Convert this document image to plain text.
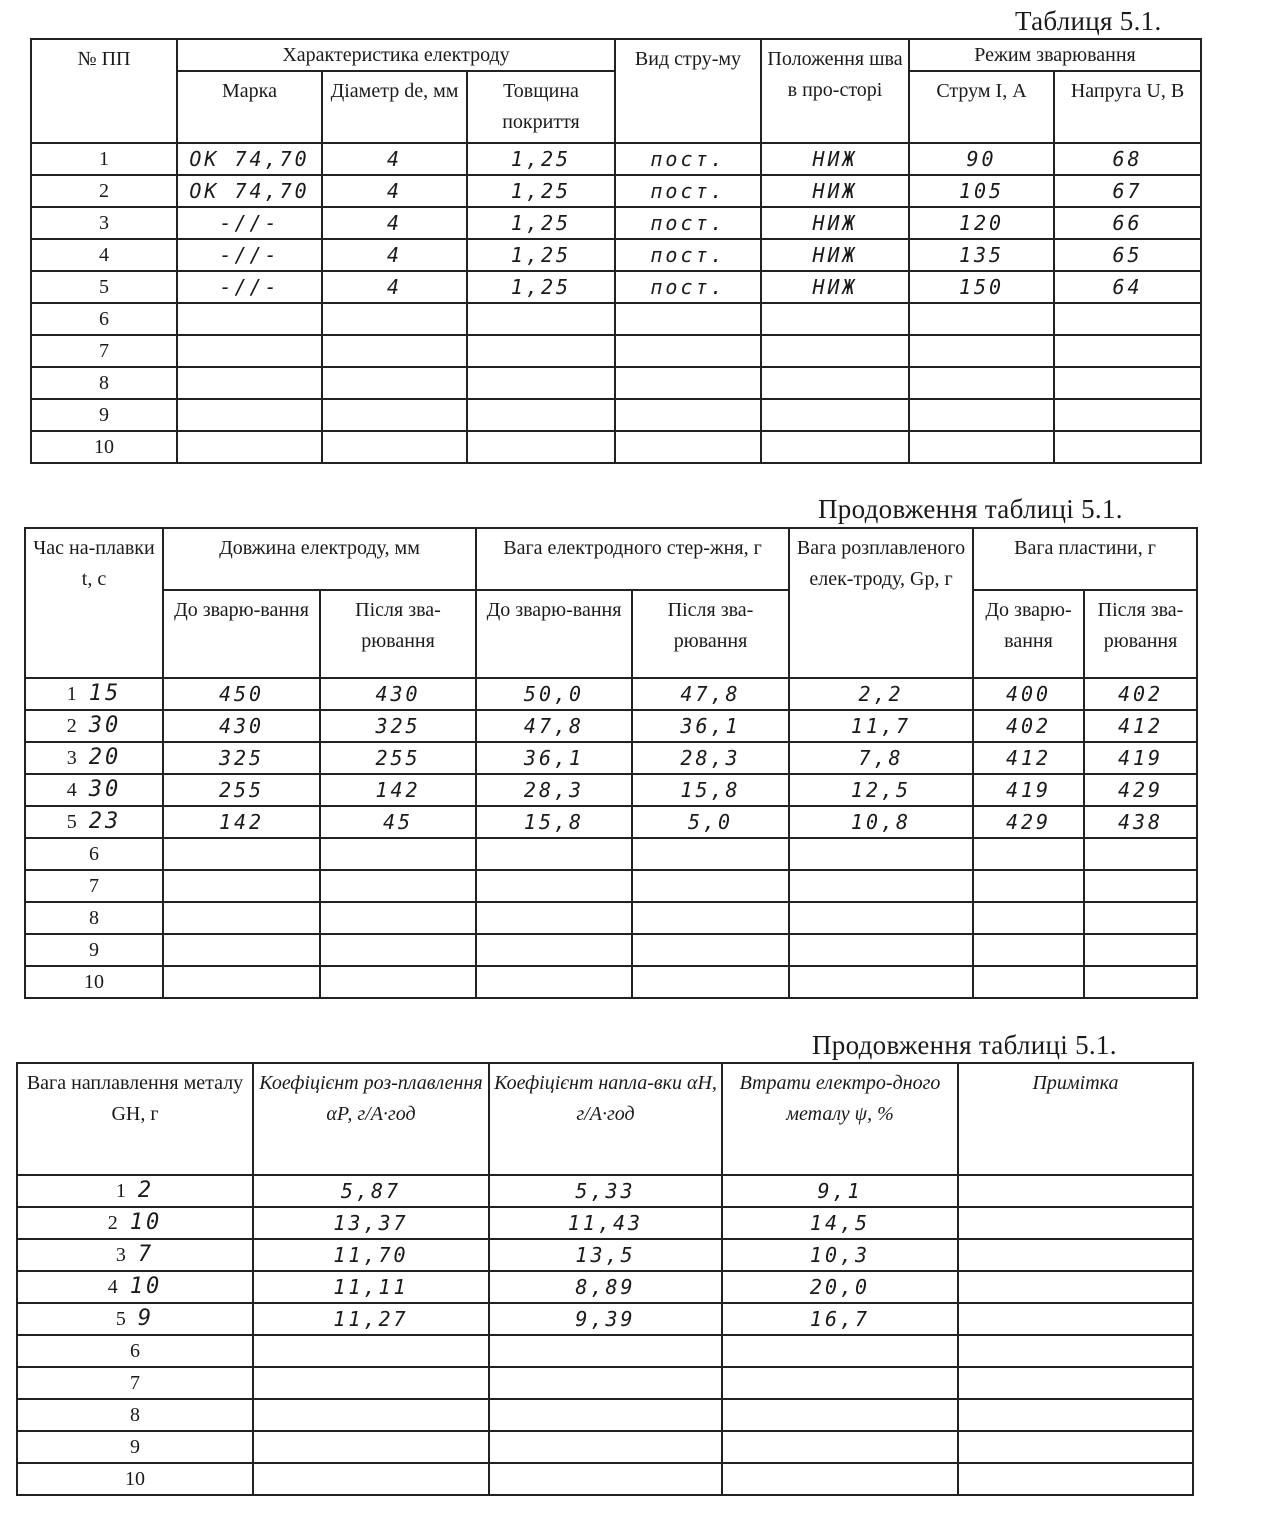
Таблиця 5.1.
№ ПП	Характеристика електроду			Вид стру-му	Положення шва в про-сторі	Режим зварювання	
	Марка	Діаметр dе, мм	Товщина покриття			Струм I, А	Напруга U, В
1	OK 74,70	4	1,25	пост.	НИЖ	90	68
2	ОК 74,70	4	1,25	пост.	НИЖ	105	67
3	-//-	4	1,25	пост.	НИЖ	120	66
4	-//-	4	1,25	пост.	НИЖ	135	65
5	-//-	4	1,25	пост.	НИЖ	150	64
6							
7							
8							
9							
10							
Продовження таблиці 5.1.
Час на-плавки t, с	Довжина електроду, мм		Вага електродного стер-жня, г		Вага розплавленого елек-троду, Gр, г	Вага пластини, г	
	До зварю-вання	Після зва-рювання	До зварю-вання	Після зва-рювання		До зварю-вання	Після зва-рювання
1 15	450	430	50,0	47,8	2,2	400	402
2 30	430	325	47,8	36,1	11,7	402	412
3 20	325	255	36,1	28,3	7,8	412	419
4 30	255	142	28,3	15,8	12,5	419	429
5 23	142	45	15,8	5,0	10,8	429	438
6							
7							
8							
9							
10							
Продовження таблиці 5.1.
Вага наплавлення металу GН, г	Коефіцієнт роз-плавлення αР, г/А·год	Коефіцієнт напла-вки αН, г/А·год	Втрати електро-дного металу ψ, %	Примітка
1 2	5,87	5,33	9,1	
2 10	13,37	11,43	14,5	
3 7	11,70	13,5	10,3	
4 10	11,11	8,89	20,0	
5 9	11,27	9,39	16,7	
6				
7				
8				
9				
10				
